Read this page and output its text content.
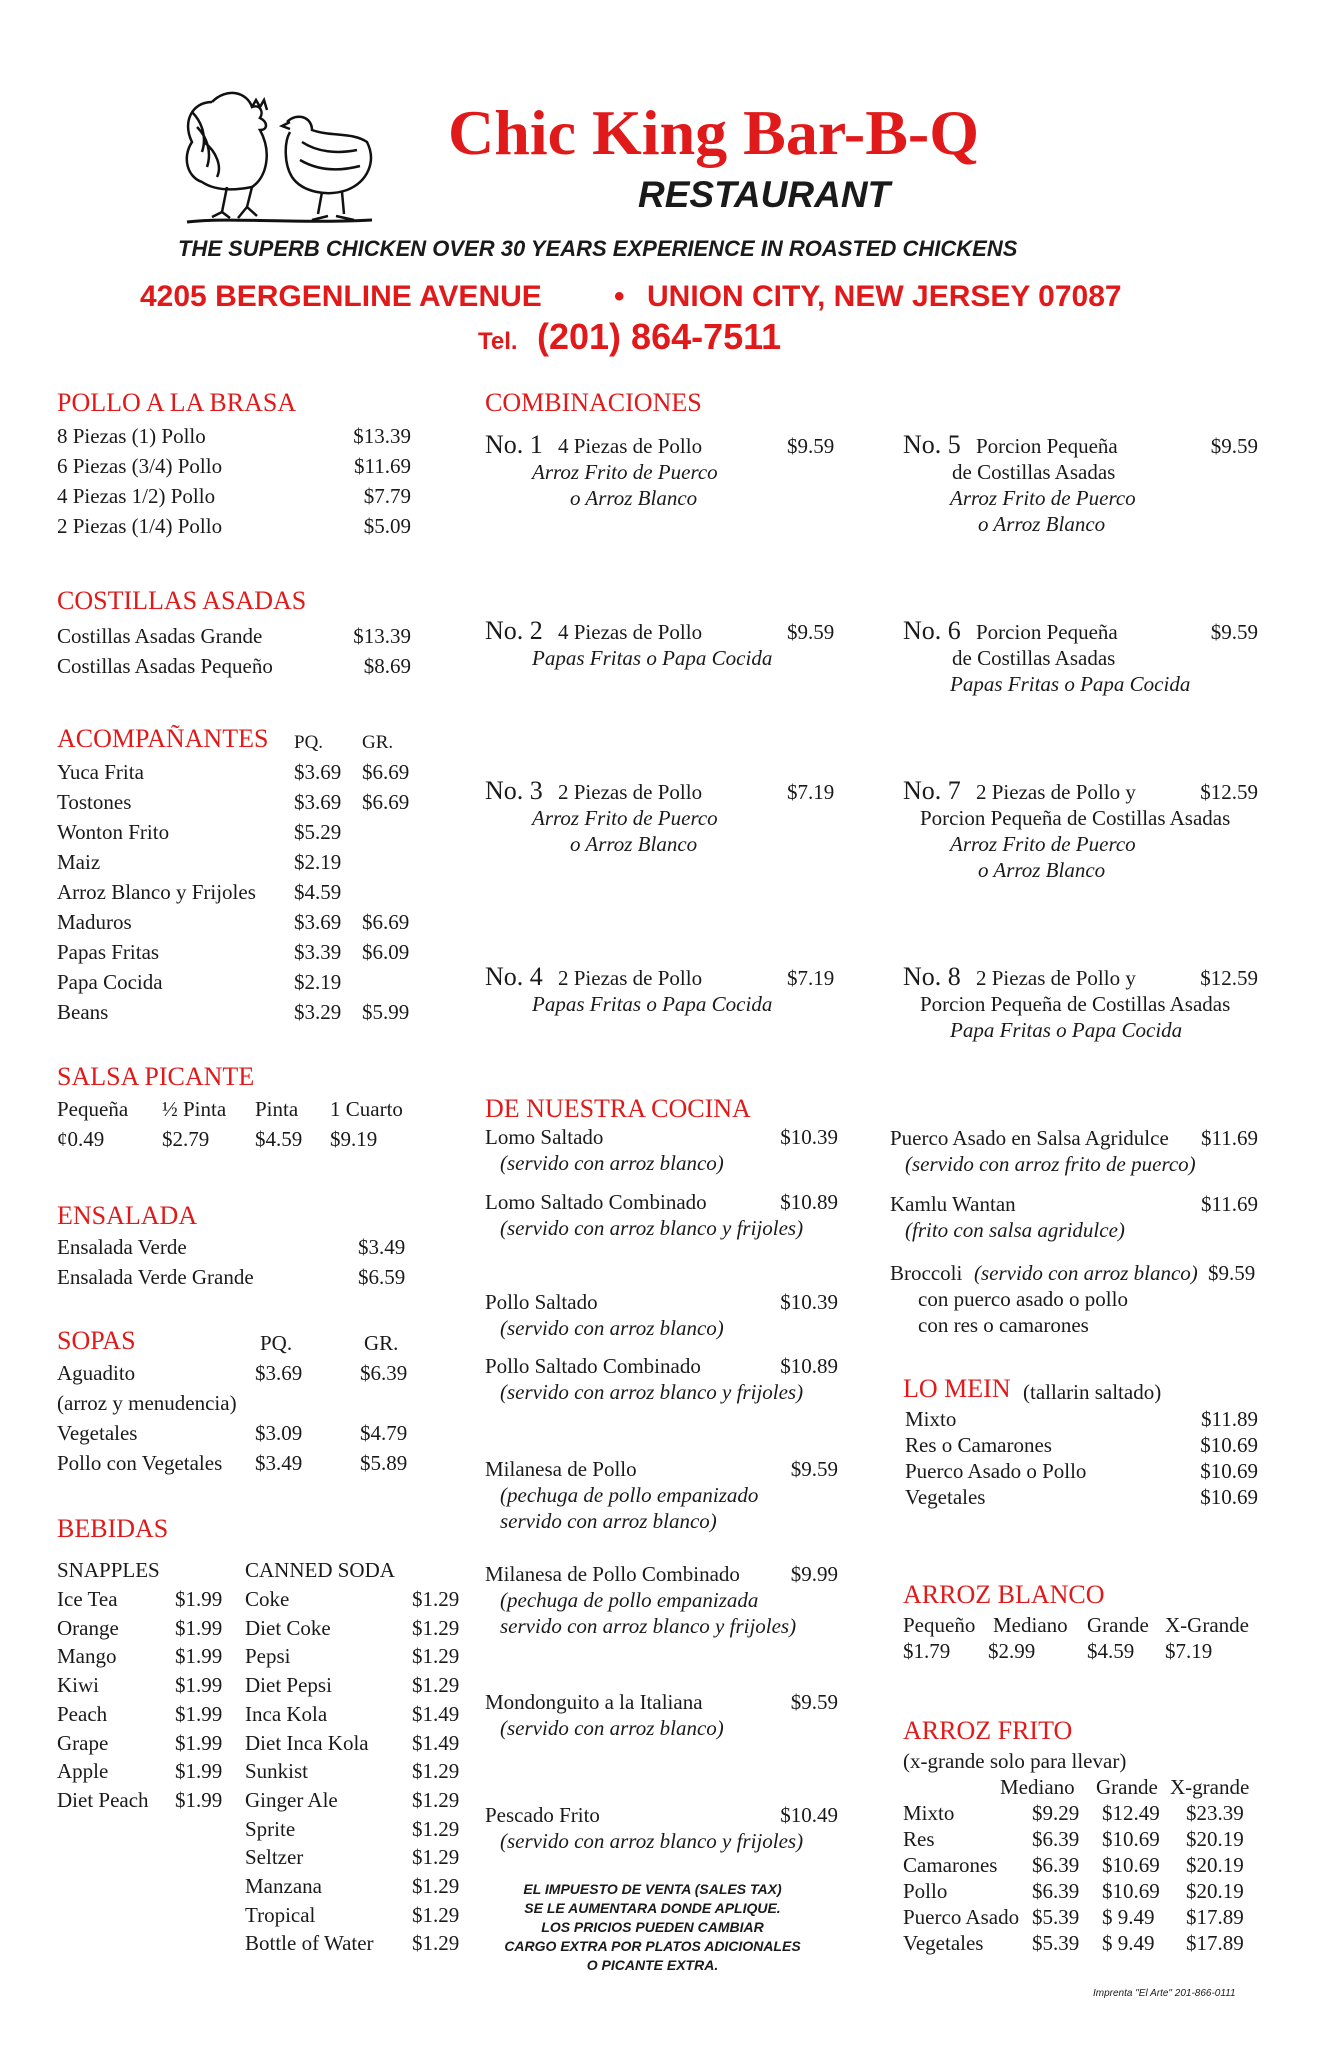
Chic King Bar-B-Q
RESTAURANT
THE SUPERB CHICKEN OVER 30 YEARS EXPERIENCE IN ROASTED CHICKENS
4205 BERGENLINE AVENUE • UNION CITY, NEW JERSEY 07087
Tel. (201) 864-7511
POLLO A LA BRASA
8 Piezas (1) Pollo	$13.39
6 Piezas (3/4) Pollo	$11.69
4 Piezas 1/2) Pollo	$7.79
2 Piezas (1/4) Pollo	$5.09
COSTILLAS ASADAS
Costillas Asadas Grande	$13.39
Costillas Asadas Pequeño	$8.69
ACOMPAÑANTES PQ. GR.
Yuca Frita	$3.69 $6.69
Tostones	$3.69 $6.69
Wonton Frito	$5.29
Maiz	$2.19
Arroz Blanco y Frijoles $4.59
Maduros	$3.69 $6.69
Papas Fritas	$3.39 $6.09
Papa Cocida	$2.19
Beans	$3.29 $5.99
SALSA PICANTE
Pequeña ½ Pinta Pinta 1 Cuarto
¢0.49	$2.79 $4.59 $9.19
ENSALADA
Ensalada Verde	$3.49
Ensalada Verde Grande	$6.59
SOPAS	PQ.	GR.
Aguadito	$3.69	$6.39
(arroz y menudencia)
Vegetales	$3.09	$4.79
Pollo con Vegetales $3.49	$5.89
BEBIDAS
SNAPPLES	CANNED SODA
Ice Tea	$1.99
Orange	$1.99
Mango	$1.99
Kiwi	$1.99
Peach	$1.99
Grape	$1.99
Apple	$1.99
Diet Peach $1.99
Coke	$1.29
Diet Coke	$1.29
Pepsi	$1.29
Diet Pepsi	$1.29
Inca Kola	$1.49
Diet Inca Kola $1.49
Sunkist	$1.29
Ginger Ale	$1.29
Sprite	$1.29
Seltzer	$1.29
Manzana	$1.29
Tropical	$1.29
Bottle of Water $1.29
COMBINACIONES
No. 1 4 Piezas de Pollo	$9.59
Arroz Frito de Puerco
o Arroz Blanco
No. 2 4 Piezas de Pollo	$9.59
Papas Fritas o Papa Cocida
No. 3 2 Piezas de Pollo	$7.19
Arroz Frito de Puerco
o Arroz Blanco
No. 4 2 Piezas de Pollo	$7.19
Papas Fritas o Papa Cocida
No. 5 Porcion Pequeña	$9.59
de Costillas Asadas
Arroz Frito de Puerco
o Arroz Blanco
No. 6 Porcion Pequeña	$9.59
de Costillas Asadas
Papas Fritas o Papa Cocida
No. 7 2 Piezas de Pollo y	$12.59
Porcion Pequeña de Costillas Asadas
Arroz Frito de Puerco
o Arroz Blanco
No. 8 2 Piezas de Pollo y	$12.59
Porcion Pequeña de Costillas Asadas
Papa Fritas o Papa Cocida
DE NUESTRA COCINA
Lomo Saltado	$10.39
(servido con arroz blanco)
Lomo Saltado Combinado	$10.89
(servido con arroz blanco y frijoles)
Pollo Saltado	$10.39
(servido con arroz blanco)
Pollo Saltado Combinado	$10.89
(servido con arroz blanco y frijoles)
Milanesa de Pollo	$9.59
(pechuga de pollo empanizado
servido con arroz blanco)
Milanesa de Pollo Combinado $9.99
(pechuga de pollo empanizada
servido con arroz blanco y frijoles)
Mondonguito a la Italiana	$9.59
(servido con arroz blanco)
Pescado Frito	$10.49
(servido con arroz blanco y frijoles)
Puerco Asado en Salsa Agridulce $11.69
(servido con arroz frito de puerco)
Kamlu Wantan	$11.69
(frito con salsa agridulce)
Broccoli (servido con arroz blanco) $9.59
con puerco asado o pollo
con res o camarones
LO MEIN (tallarin saltado)
Mixto	$11.89
Res o Camarones	$10.69
Puerco Asado o Pollo	$10.69
Vegetales	$10.69
ARROZ BLANCO
Pequeño Mediano Grande X-Grande
$1.79 $2.99 $4.59 $7.19
ARROZ FRITO
(x-grande solo para llevar)
Mediano Grande X-grande
Mixto	$9.29 $12.49 $23.39
Res	$6.39 $10.69 $20.19
Camarones $6.39 $10.69 $20.19
Pollo	$6.39 $10.69 $20.19
Puerco Asado $5.39 $ 9.49 $17.89
Vegetales $5.39 $ 9.49 $17.89
EL IMPUESTO DE VENTA (SALES TAX)
SE LE AUMENTARA DONDE APLIQUE.
LOS PRICIOS PUEDEN CAMBIAR
CARGO EXTRA POR PLATOS ADICIONALES
O PICANTE EXTRA.
Imprenta "El Arte" 201-866-0111
